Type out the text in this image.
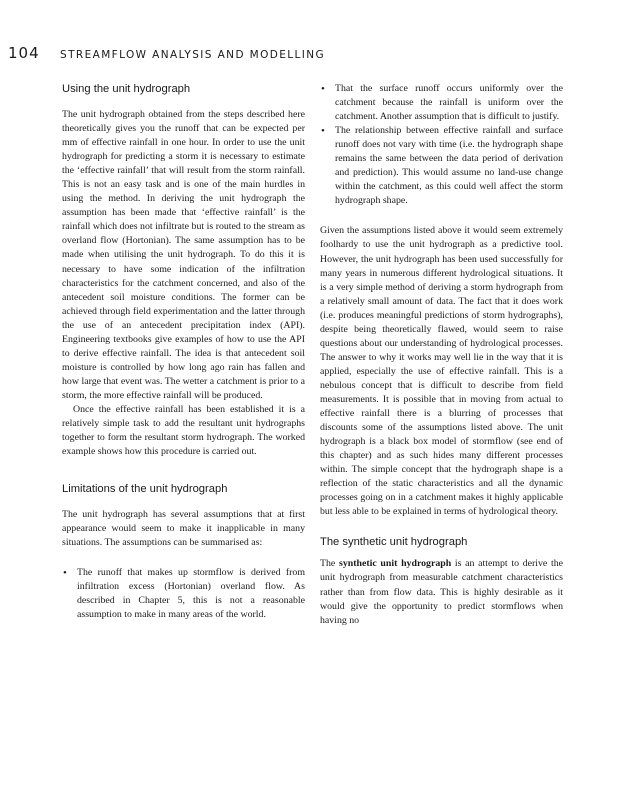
104	STREAMFLOW ANALYSIS AND MODELLING
Using the unit hydrograph

The unit hydrograph obtained from the steps described here theoretically gives you the runoff that can be expected per mm of effective rainfall in one hour. In order to use the unit hydrograph for predicting a storm it is necessary to estimate the ‘effective rainfall’ that will result from the storm rainfall. This is not an easy task and is one of the main hurdles in using the method. In deriving the unit hydrograph the assumption has been made that ‘effective rainfall’ is the rainfall which does not infiltrate but is routed to the stream as overland flow (Hortonian). The same assumption has to be made when utilising the unit hydrograph. To do this it is necessary to have some indication of the infiltration characteristics for the catchment concerned, and also of the antecedent soil moisture conditions. The former can be achieved through field experimentation and the latter through the use of an antecedent precipitation index (API). Engineering textbooks give examples of how to use the API to derive effective rainfall. The idea is that antecedent soil moisture is controlled by how long ago rain has fallen and how large that event was. The wetter a catchment is prior to a storm, the more effective rainfall will be produced.

Once the effective rainfall has been established it is a relatively simple task to add the resultant unit hydrographs together to form the resultant storm hydrograph. The worked example shows how this procedure is carried out.

Limitations of the unit hydrograph

The unit hydrograph has several assumptions that at first appearance would seem to make it inapplicable in many situations. The assumptions can be summarised as:

• The runoff that makes up stormflow is derived from infiltration excess (Hortonian) overland flow. As described in Chapter 5, this is not a reasonable assumption to make in many areas of the world.
• That the surface runoff occurs uniformly over the catchment because the rainfall is uniform over the catchment. Another assumption that is difficult to justify.
• The relationship between effective rainfall and surface runoff does not vary with time (i.e. the hydrograph shape remains the same between the data period of derivation and prediction). This would assume no land-use change within the catchment, as this could well affect the storm hydrograph shape.

Given the assumptions listed above it would seem extremely foolhardy to use the unit hydrograph as a predictive tool. However, the unit hydrograph has been used successfully for many years in numerous different hydrological situations. It is a very simple method of deriving a storm hydrograph from a relatively small amount of data. The fact that it does work (i.e. produces meaningful predictions of storm hydrographs), despite being theoretically flawed, would seem to raise questions about our understanding of hydrological processes. The answer to why it works may well lie in the way that it is applied, especially the use of effective rainfall. This is a nebulous concept that is difficult to describe from field measurements. It is possible that in moving from actual to effective rainfall there is a blurring of processes that discounts some of the assumptions listed above. The unit hydrograph is a black box model of stormflow (see end of this chapter) and as such hides many different processes within. The simple concept that the hydrograph shape is a reflection of the static characteristics and all the dynamic processes going on in a catchment makes it highly applicable but less able to be explained in terms of hydrological theory.

The synthetic unit hydrograph

The synthetic unit hydrograph is an attempt to derive the unit hydrograph from measurable catchment characteristics rather than from flow data. This is highly desirable as it would give the opportunity to predict stormflows when having no
